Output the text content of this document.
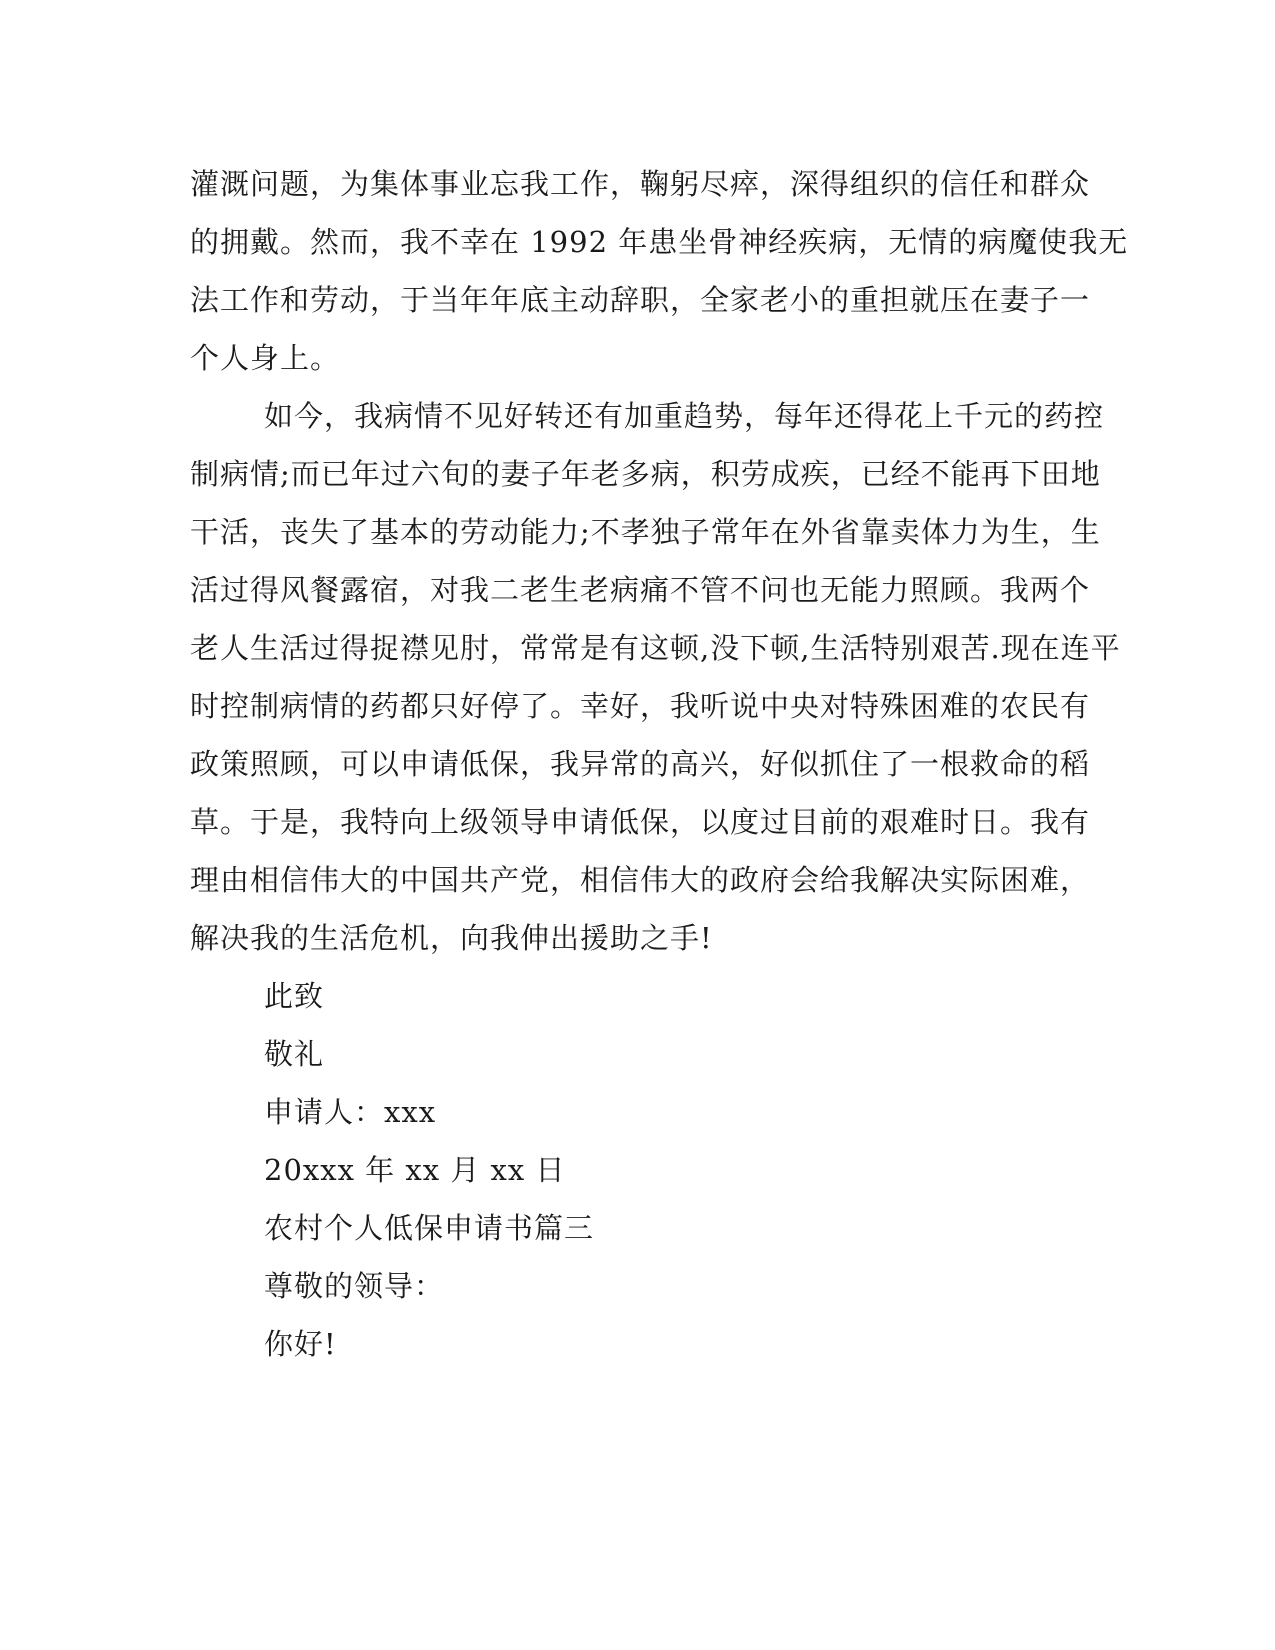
灌溉问题，为集体事业忘我工作，鞠躬尽瘁，深得组织的信任和群众
的拥戴。然而，我不幸在 1992 年患坐骨神经疾病，无情的病魔使我无
法工作和劳动，于当年年底主动辞职，全家老小的重担就压在妻子一
个人身上。
如今，我病情不见好转还有加重趋势，每年还得花上千元的药控
制病情;而已年过六旬的妻子年老多病，积劳成疾，已经不能再下田地
干活，丧失了基本的劳动能力;不孝独子常年在外省靠卖体力为生，生
活过得风餐露宿，对我二老生老病痛不管不问也无能力照顾。我两个
老人生活过得捉襟见肘，常常是有这顿,没下顿,生活特别艰苦.现在连平
时控制病情的药都只好停了。幸好，我听说中央对特殊困难的农民有
政策照顾，可以申请低保，我异常的高兴，好似抓住了一根救命的稻
草。于是，我特向上级领导申请低保，以度过目前的艰难时日。我有
理由相信伟大的中国共产党，相信伟大的政府会给我解决实际困难，
解决我的生活危机，向我伸出援助之手!
此致
敬礼
申请人：xxx
20xxx 年 xx 月 xx 日
农村个人低保申请书篇三
尊敬的领导：
你好!
